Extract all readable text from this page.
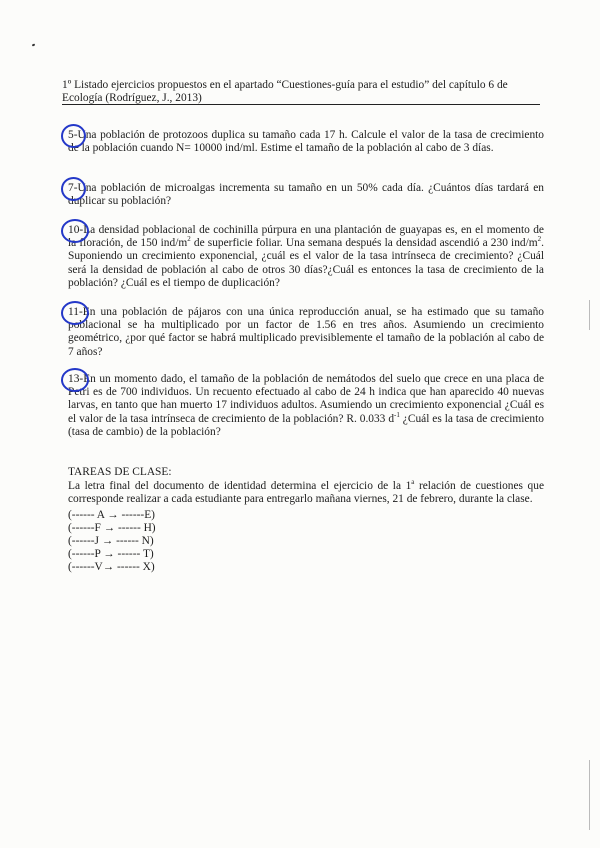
1º Listado ejercicios propuestos en el apartado “Cuestiones-guía para el estudio” del capítulo 6 de
Ecología (Rodríguez, J., 2013)
5-Una población de protozoos duplica su tamaño cada 17 h. Calcule el valor de la tasa de crecimiento de la población cuando N= 10000 ind/ml. Estime el tamaño de la población al cabo de 3 días.
7-Una población de microalgas incrementa su tamaño en un 50% cada día. ¿Cuántos días tardará en duplicar su población?
10-La densidad poblacional de cochinilla púrpura en una plantación de guayapas es, en el momento de la floración, de 150 ind/$m^2$ de superficie foliar. Una semana después la densidad ascendió a 230 ind/$m^2$. Suponiendo un crecimiento exponencial, ¿cuál es el valor de la tasa intrínseca de crecimiento? ¿Cuál será la densidad de población al cabo de otros 30 días?¿Cuál es entonces la tasa de crecimiento de la población? ¿Cuál es el tiempo de duplicación?
11-En una población de pájaros con una única reproducción anual, se ha estimado que su tamaño poblacional se ha multiplicado por un factor de 1.56 en tres años. Asumiendo un crecimiento geométrico, ¿por qué factor se habrá multiplicado previsiblemente el tamaño de la población al cabo de 7 años?
13-En un momento dado, el tamaño de la población de nemátodos del suelo que crece en una placa de Petri es de 700 individuos. Un recuento efectuado al cabo de 24 h indica que han aparecido 40 nuevas larvas, en tanto que han muerto 17 individuos adultos. Asumiendo un crecimiento exponencial ¿Cuál es el valor de la tasa intrínseca de crecimiento de la población? R. 0.033 $d^{-1}$ ¿Cuál es la tasa de crecimiento (tasa de cambio) de la población?
TAREAS DE CLASE:
La letra final del documento de identidad determina el ejercicio de la 1$^a$ relación de cuestiones que corresponde realizar a cada estudiante para entregarlo mañana viernes, 21 de febrero, durante la clase.
(------ A → ------E)
(------F → ------ H)
(------J → ------ N)
(------P → ------ T)
(------V→ ------ X)
